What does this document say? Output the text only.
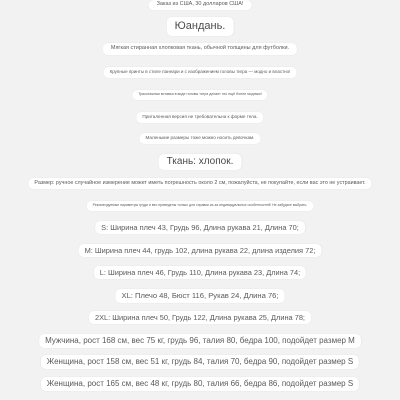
Заказ из США, 30 долларов США!
Юандань.
Мягкая стиранная хлопковая ткань, обычной толщины для футболки.
Крупные принты в стиле панеари и с изображением головы тигра — модно и властно!
Трикотажная вставка в виде головы тигра делает это ещё более модным!
Приталенная версия не требовательна к форме тела.
Маленькие размеры тоже можно носить девочкам.
Ткань: хлопок.
Размер: ручное случайное измерение может иметь погрешность около 2 см, пожалуйста, не покупайте, если вас это не устраивает.
Рекомендуемые параметры груди и вес приведены только для справки из-за индивидуальных особенностей! Не забудьте выбрать.
S: Ширина плеч 43, Грудь 96, Длина рукава 21, Длина 70;
M: Ширина плеч 44, грудь 102, длина рукава 22, длина изделия 72;
L: Ширина плеч 46, Грудь 110, Длина рукава 23, Длина 74;
XL: Плечо 48, Бюст 116, Рукав 24, Длина 76;
2XL: Ширина плеч 50, Грудь 122, Длина рукава 25, Длина 78;
Мужчина, рост 168 см, вес 75 кг, грудь 96, талия 80, бедра 100, подойдет размер M
Женщина, рост 158 см, вес 51 кг, грудь 84, талия 70, бедра 90, подойдет размер S
Женщина, рост 165 см, вес 48 кг, грудь 80, талия 66, бедра 86, подойдет размер S
